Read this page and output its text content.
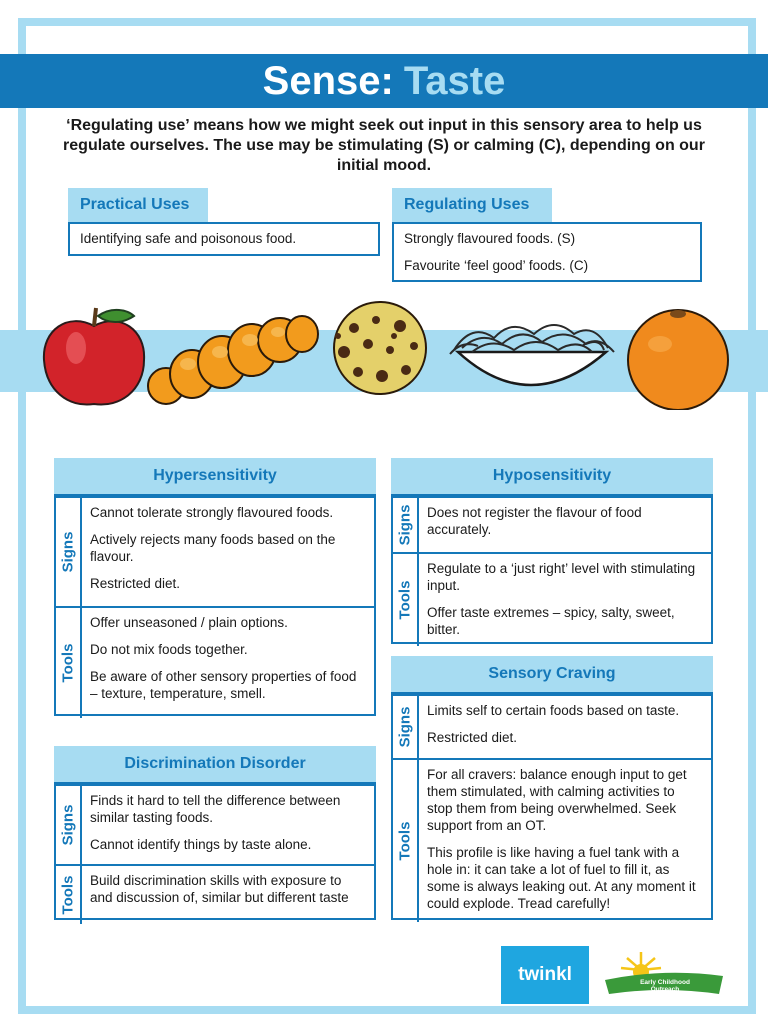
Sense: Taste
‘Regulating use’ means how we might seek out input in this sensory area to help us regulate ourselves. The use may be stimulating (S) or calming (C), depending on our initial mood.
Practical Uses

Identifying safe and poisonous food.

Regulating Uses

Strongly flavoured foods. (S)

Favourite ‘feel good’ foods. (C)

Hypersensitivity
Signs

Cannot tolerate strongly flavoured foods.

Actively rejects many foods based on the flavour.

Restricted diet.

Tools

Offer unseasoned / plain options.

Do not mix foods together.

Be aware of other sensory properties of food – texture, temperature, smell.

Hyposensitivity
Signs Does not register the flavour of food accurately.

Tools

Regulate to a ‘just right’ level with stimulating input.

Offer taste extremes – spicy, salty, sweet, bitter.

Discrimination Disorder
Signs

Finds it hard to tell the difference between similar tasting foods.

Cannot identify things by taste alone.

Tools Build discrimination skills with exposure to and discussion of, similar but different taste

Sensory Craving
Signs Limits self to certain foods based on taste.

Restricted diet.

Tools

For all cravers: balance enough input to get them stimulated, with calming activities to stop them from being overwhelmed. Seek support from an OT.

This profile is like having a fuel tank with a hole in: it can take a lot of fuel to fill it, as some is always leaking out. At any moment it could explode. Tread carefully!

twinkl	Early Childhood
Outreach
